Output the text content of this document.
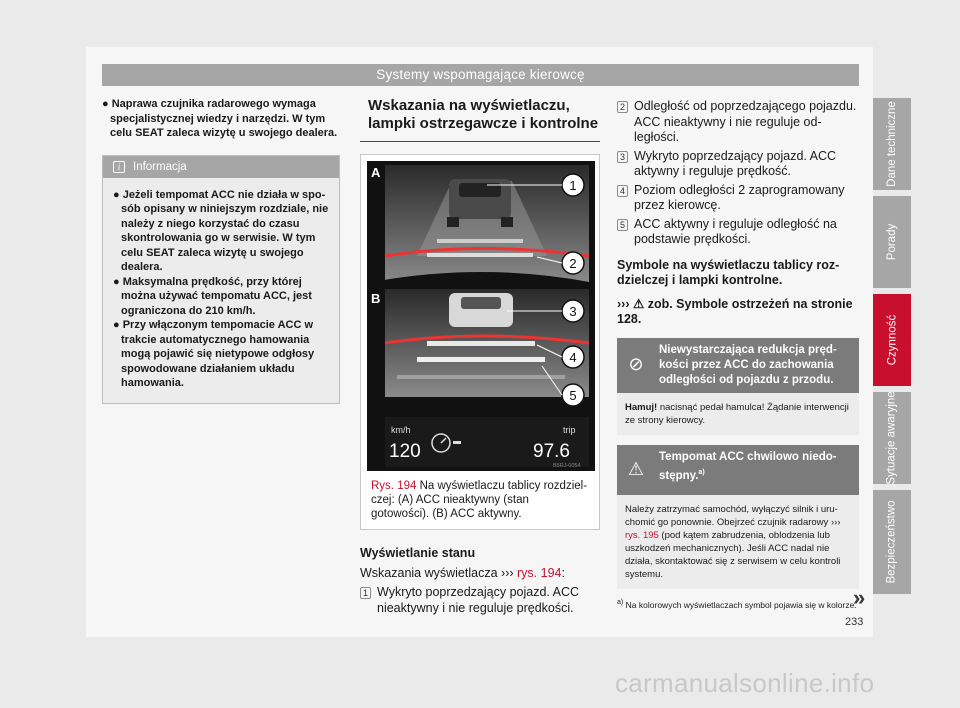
Systemy wspomagające kierowcę
Dane techniczne
Porady
Czynność
Sytuacje awaryjne
Bezpieczeństwo

● Naprawa czujnika radarowego wymaga specjalistycznej wiedzy i narzędzi. W tym celu SEAT zaleca wizytę u swojego dealera.

i Informacja

● Jeżeli tempomat ACC nie działa w sposób opisany w niniejszym rozdziale, nie należy z niego korzystać do czasu skontrolowania go w serwisie. W tym celu SEAT zaleca wizytę u swojego dealera.

● Maksymalna prędkość, przy której można używać tempomatu ACC, jest ograniczona do 210 km/h.

● Przy włączonym tempomacie ACC w trakcie automatycznego hamowania mogą pojawić się nietypowe odgłosy spowodowane działaniem układu hamowania.

Wskazania na wyświetlaczu, lampki ostrzegawcze i kontrolne
A
B
km/h
120
trip
97.6
B5RJ-0054
1
2
3
4
5
Rys. 194 Na wyświetlaczu tablicy rozdzielczej: (A) ACC nieaktywny (stan gotowości). (B) ACC aktywny.
Wyświetlanie stanu
Wskazania wyświetlacza ››› rys. 194:
1 Wykryto poprzedzający pojazd. ACC nieaktywny i nie reguluje prędkości.
2 Odległość od poprzedzającego pojazdu. ACC nieaktywny i nie reguluje odległości.
3 Wykryto poprzedzający pojazd. ACC aktywny i reguluje prędkość.
4 Poziom odległości 2 zaprogramowany przez kierowcę.
5 ACC aktywny i reguluje odległość na podstawie prędkości.
Symbole na wyświetlaczu tablicy rozdzielczej i lampki kontrolne.
››› ⚠ zob. Symbole ostrzeżeń na stronie 128.
⊘
Niewystarczająca redukcja prędkości przez ACC do zachowania odległości od pojazdu z przodu.
Hamuj! nacisnąć pedał hamulca! Żądanie interwencji ze strony kierowcy.
⚠
Tempomat ACC chwilowo niedostępny.$^{a)}$
Należy zatrzymać samochód, wyłączyć silnik i uruchomić go ponownie. Obejrzeć czujnik radarowy ››› rys. 195 (pod kątem zabrudzenia, oblodzenia lub uszkodzeń mechanicznych). Jeśli ACC nadal nie działa, skontaktować się z serwisem w celu kontroli systemu.
$^{a)}$ Na kolorowych wyświetlaczach symbol pojawia się w kolorze.
»
233
carmanualsonline.info
